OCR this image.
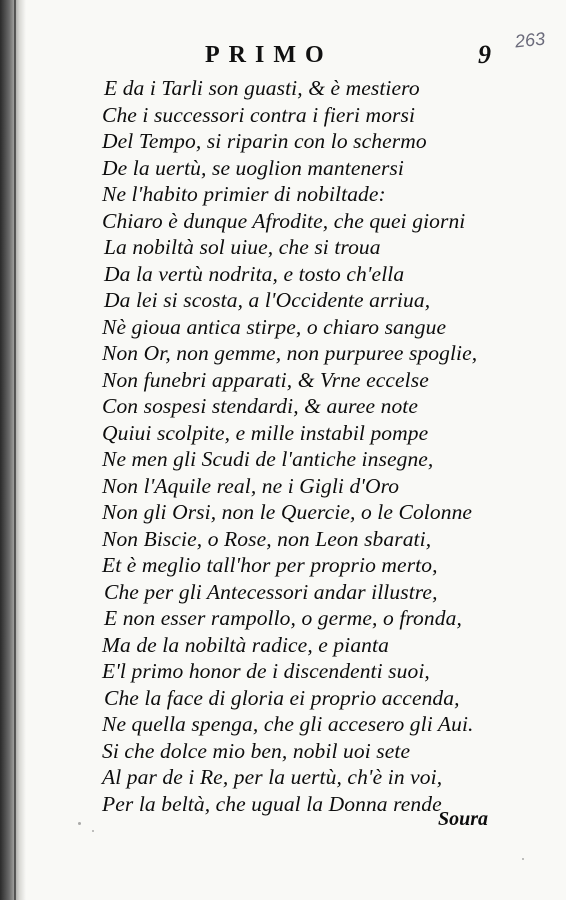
PRIMO	9 263
E da i Tarli son guasti, & è mestiero
Che i successori contra i fieri morsi
Del Tempo, si riparin con lo schermo
De la uertù, se uoglion mantenersi
Ne l'habito primier di nobiltade:
Chiaro è dunque Afrodite, che quei giorni
La nobiltà sol uiue, che si troua
Da la vertù nodrita, e tosto ch'ella
Da lei si scosta, a l'Occidente arriua,
Nè gioua antica stirpe, o chiaro sangue
Non Or, non gemme, non purpuree spoglie,
Non funebri apparati, & Vrne eccelse
Con sospesi stendardi, & auree note
Quiui scolpite, e mille instabil pompe
Ne men gli Scudi de l'antiche insegne,
Non l'Aquile real, ne i Gigli d'Oro
Non gli Orsi, non le Quercie, o le Colonne
Non Biscie, o Rose, non Leon sbarati,
Et è meglio tall'hor per proprio merto,
Che per gli Antecessori andar illustre,
E non esser rampollo, o germe, o fronda,
Ma de la nobiltà radice, e pianta
E'l primo honor de i discendenti suoi,
Che la face di gloria ei proprio accenda,
Ne quella spenga, che gli accesero gli Aui.
Si che dolce mio ben, nobil uoi sete
Al par de i Re, per la uertù, ch'è in voi,
Per la beltà, che ugual la Donna rende
Soura
